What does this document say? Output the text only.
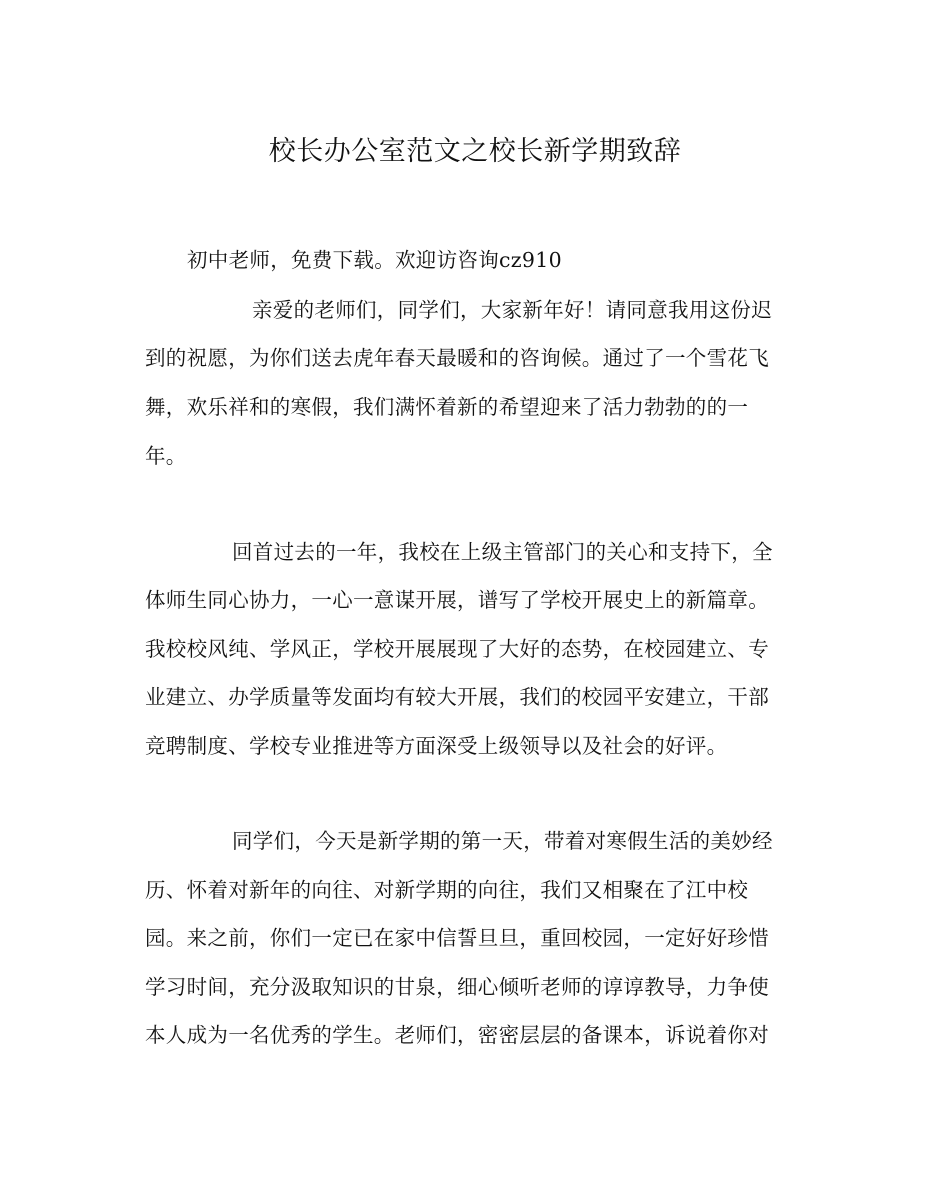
校长办公室范文之校长新学期致辞
初中老师，免费下载。欢迎访咨询cz910
亲爱的老师们，同学们，大家新年好！请同意我用这份迟
到的祝愿，为你们送去虎年春天最暖和的咨询候。通过了一个雪花飞
舞，欢乐祥和的寒假，我们满怀着新的希望迎来了活力勃勃的的一
年。
回首过去的一年，我校在上级主管部门的关心和支持下，全
体师生同心协力，一心一意谋开展，谱写了学校开展史上的新篇章。
我校校风纯、学风正，学校开展展现了大好的态势，在校园建立、专
业建立、办学质量等发面均有较大开展，我们的校园平安建立，干部
竞聘制度、学校专业推进等方面深受上级领导以及社会的好评。
同学们，今天是新学期的第一天，带着对寒假生活的美妙经
历、怀着对新年的向往、对新学期的向往，我们又相聚在了江中校
园。来之前，你们一定已在家中信誓旦旦，重回校园，一定好好珍惜
学习时间，充分汲取知识的甘泉，细心倾听老师的谆谆教导，力争使
本人成为一名优秀的学生。老师们，密密层层的备课本，诉说着你对
